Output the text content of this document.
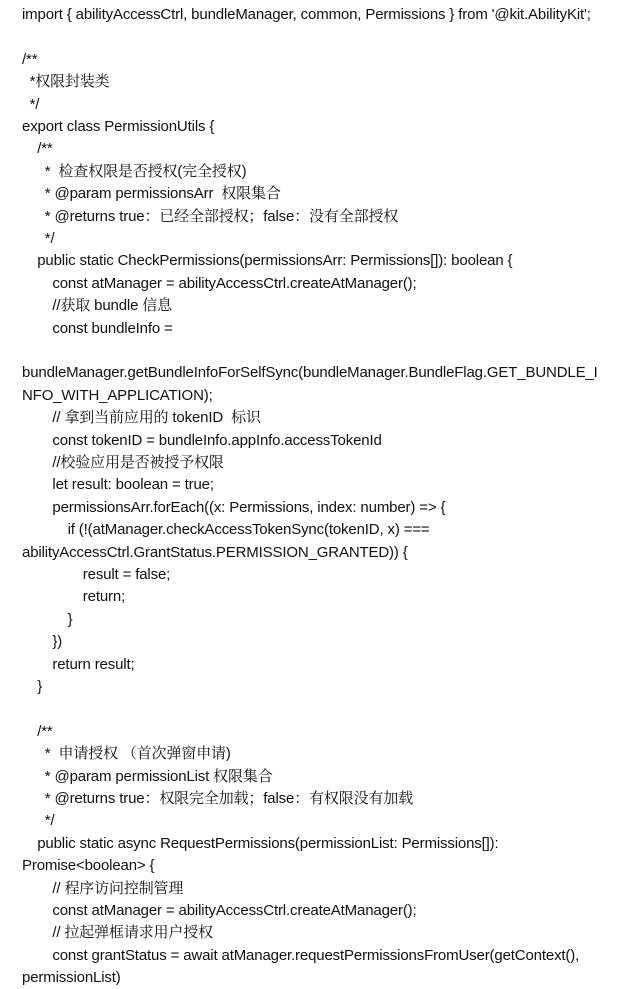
import { abilityAccessCtrl, bundleManager, common, Permissions } from '@kit.AbilityKit';
/**
*权限封装类
*/
export class PermissionUtils {
/**
*  检查权限是否授权(完全授权)
* @param permissionsArr  权限集合
* @returns true：已经全部授权；false：没有全部授权
*/
public static CheckPermissions(permissionsArr: Permissions[]): boolean {
const atManager = abilityAccessCtrl.createAtManager();
//获取 bundle 信息
const bundleInfo =
bundleManager.getBundleInfoForSelfSync(bundleManager.BundleFlag.GET_BUNDLE_I
NFO_WITH_APPLICATION);
// 拿到当前应用的 tokenID  标识
const tokenID = bundleInfo.appInfo.accessTokenId
//校验应用是否被授予权限
let result: boolean = true;
permissionsArr.forEach((x: Permissions, index: number) => {
if (!(atManager.checkAccessTokenSync(tokenID, x) ===
abilityAccessCtrl.GrantStatus.PERMISSION_GRANTED)) {
result = false;
return;
}
})
return result;
}
/**
*  申请授权 （首次弹窗申请)
* @param permissionList 权限集合
* @returns true：权限完全加载；false：有权限没有加载
*/
public static async RequestPermissions(permissionList: Permissions[]):
Promise<boolean> {
// 程序访问控制管理
const atManager = abilityAccessCtrl.createAtManager();
// 拉起弹框请求用户授权
const grantStatus = await atManager.requestPermissionsFromUser(getContext(),
permissionList)
